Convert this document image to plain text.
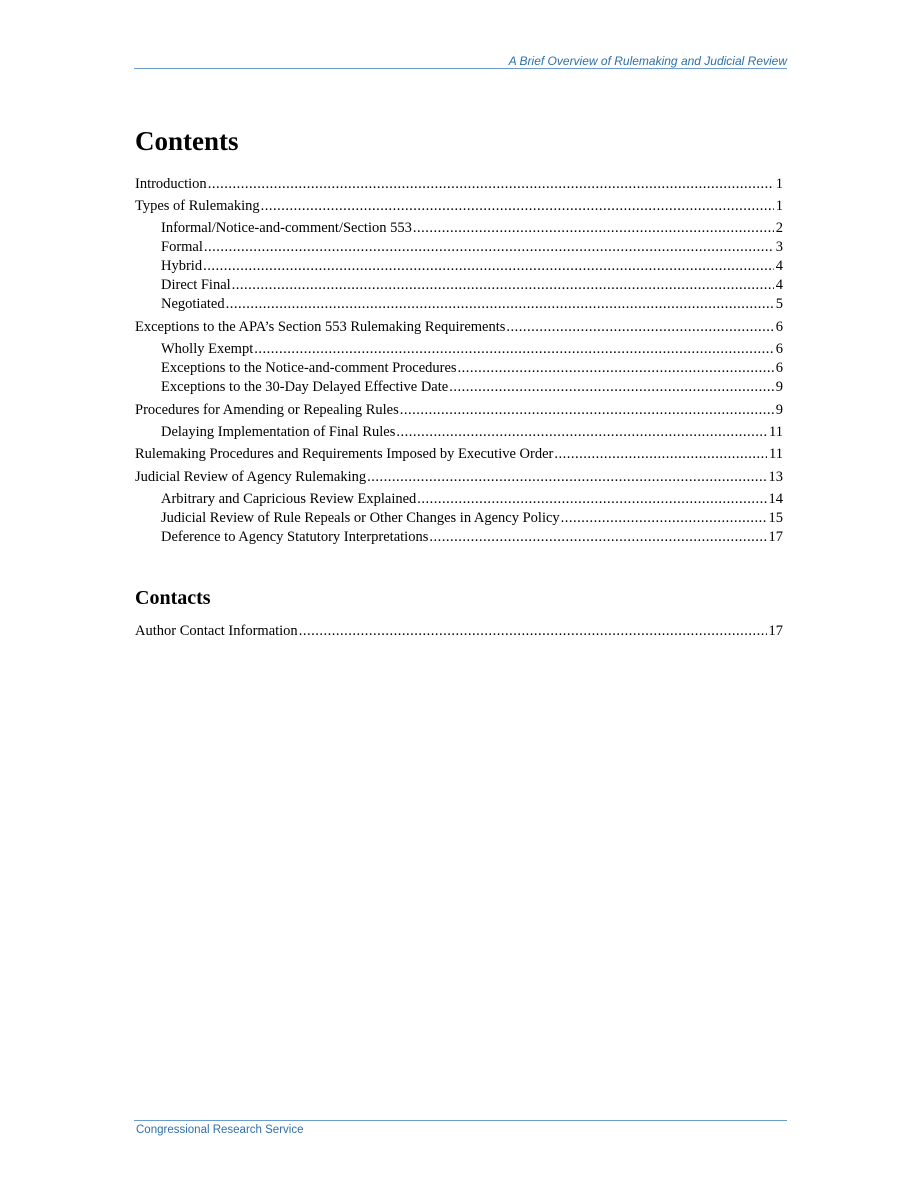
A Brief Overview of Rulemaking and Judicial Review
Contents
Introduction .....	1
Types of Rulemaking .....	1
Informal/Notice-and-comment/Section 553 .....	2
Formal .....	3
Hybrid .....	4
Direct Final .....	4
Negotiated .....	5
Exceptions to the APA’s Section 553 Rulemaking Requirements .....	6
Wholly Exempt .....	6
Exceptions to the Notice-and-comment Procedures .....	6
Exceptions to the 30-Day Delayed Effective Date .....	9
Procedures for Amending or Repealing Rules .....	9
Delaying Implementation of Final Rules .....	11
Rulemaking Procedures and Requirements Imposed by Executive Order .....	11
Judicial Review of Agency Rulemaking .....	13
Arbitrary and Capricious Review Explained .....	14
Judicial Review of Rule Repeals or Other Changes in Agency Policy .....	15
Deference to Agency Statutory Interpretations .....	17
Contacts
Author Contact Information .....	17
Congressional Research Service
